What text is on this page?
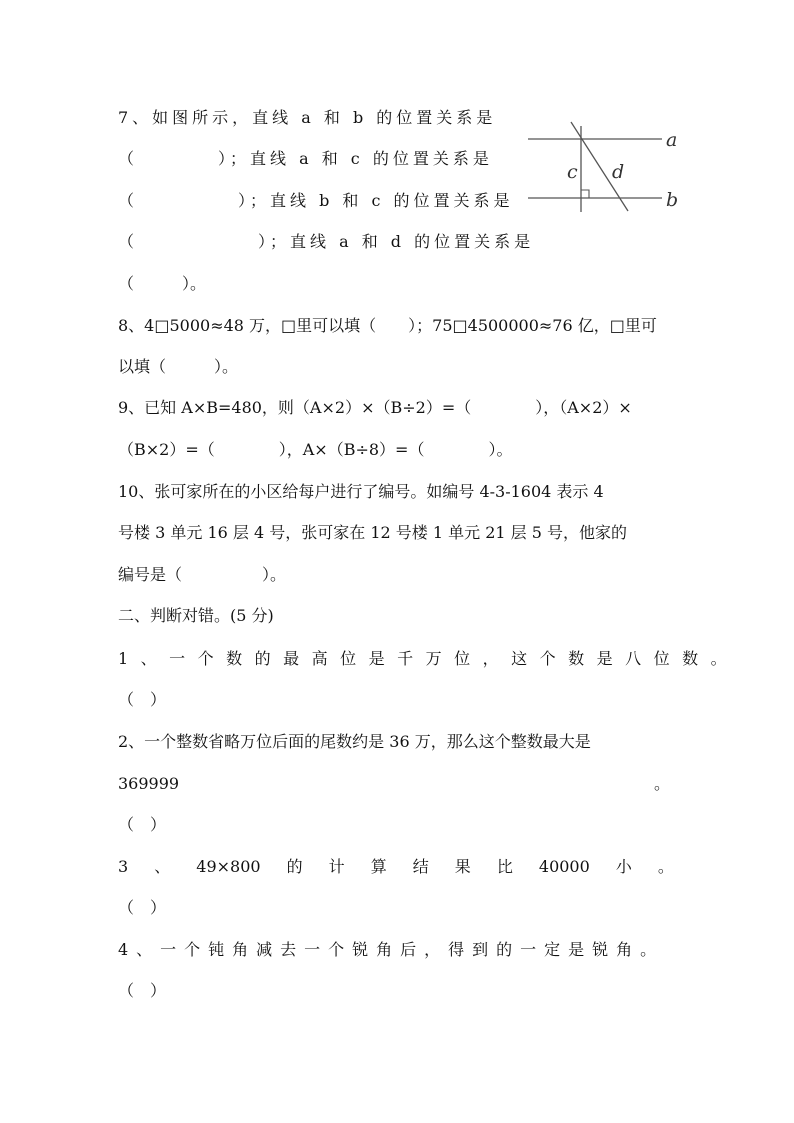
7、如图所示，直线 a 和 b 的位置关系是
（　　　　）；直线 a 和 c 的位置关系是
（　　　　　）；直线 b 和 c 的位置关系是
（　　　　　　）；直线 a 和 d 的位置关系是
（　　　）。
a
b
c d
8、4□5000≈48 万，□里可以填（　　）；75□4500000≈76 亿，□里可
以填（　　　）。
9、已知 A×B=480，则（A×2）×（B÷2）=（　　　　），（A×2）×
（B×2）=（　　　　），A×（B÷8）=（　　　　）。
10、张可家所在的小区给每户进行了编号。如编号 4-3-1604 表示 4
号楼 3 单元 16 层 4 号，张可家在 12 号楼 1 单元 21 层 5 号，他家的
编号是（　　　　　）。
二、判断对错。(5 分)
1、一个数的最高位是千万位，这个数是八位数。
（　）
2、一个整数省略万位后面的尾数约是 36 万，那么这个整数最大是
369999	。
（　）
3 、 49×800 的 计 算 结 果 比 40000 小 。
（　）
4、一个钝角减去一个锐角后，得到的一定是锐角。
（　）
